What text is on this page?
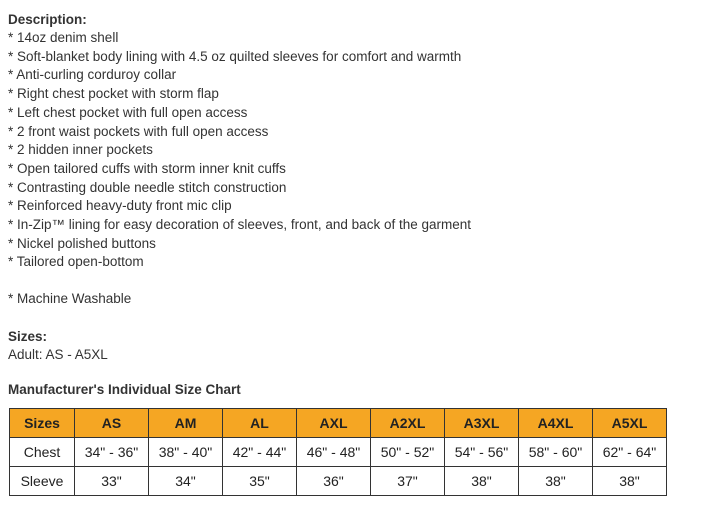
Description:
* 14oz denim shell
* Soft-blanket body lining with 4.5 oz quilted sleeves for comfort and warmth
* Anti-curling corduroy collar
* Right chest pocket with storm flap
* Left chest pocket with full open access
* 2 front waist pockets with full open access
* 2 hidden inner pockets
* Open tailored cuffs with storm inner knit cuffs
* Contrasting double needle stitch construction
* Reinforced heavy-duty front mic clip
* In-Zip™ lining for easy decoration of sleeves, front, and back of the garment
* Nickel polished buttons
* Tailored open-bottom
* Machine Washable
Sizes:
Adult: AS - A5XL
Manufacturer's Individual Size Chart
Sizes	AS	AM	AL	AXL	A2XL	A3XL	A4XL	A5XL
Chest	34" - 36"	38" - 40"	42" - 44"	46" - 48"	50" - 52"	54" - 56"	58" - 60"	62" - 64"
Sleeve	33"	34"	35"	36"	37"	38"	38"	38"
